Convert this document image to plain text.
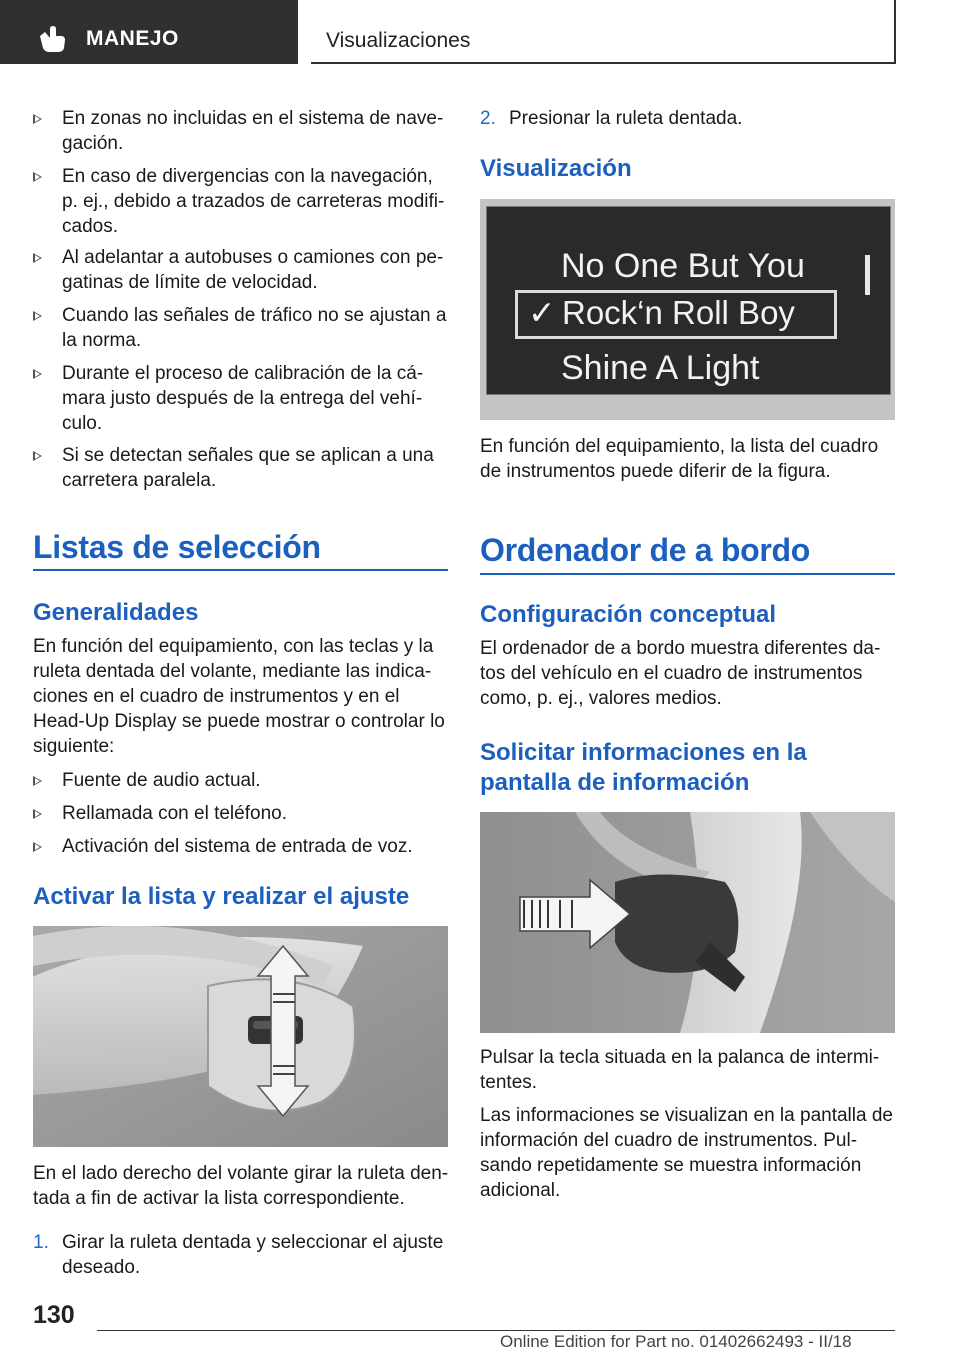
MANEJO	Visualizaciones
En zonas no incluidas en el sistema de nave-
gación.
En caso de divergencias con la navegación,
p. ej., debido a trazados de carreteras modifi-
cados.
Al adelantar a autobuses o camiones con pe-
gatinas de límite de velocidad.
Cuando las señales de tráfico no se ajustan a
la norma.
Durante el proceso de calibración de la cá-
mara justo después de la entrega del vehí-
culo.
Si se detectan señales que se aplican a una
carretera paralela.
Listas de selección
Generalidades

En función del equipamiento, con las teclas y la
ruleta dentada del volante, mediante las indica-
ciones en el cuadro de instrumentos y en el
Head-Up Display se puede mostrar o controlar lo
siguiente:

Fuente de audio actual.
Rellamada con el teléfono.
Activación del sistema de entrada de voz.
Activar la lista y realizar el ajuste

En el lado derecho del volante girar la ruleta den-
tada a fin de activar la lista correspondiente.

1. Girar la ruleta dentada y seleccionar el ajuste
deseado.
2. Presionar la ruleta dentada.
Visualización
No One But You
✓ Rock‘n Roll Boy
Shine A Light

En función del equipamiento, la lista del cuadro
de instrumentos puede diferir de la figura.

Ordenador de a bordo
Configuración conceptual

El ordenador de a bordo muestra diferentes da-
tos del vehículo en el cuadro de instrumentos
como, p. ej., valores medios.

Solicitar informaciones en la
pantalla de información

Pulsar la tecla situada en la palanca de intermi-
tentes.

Las informaciones se visualizan en la pantalla de
información del cuadro de instrumentos. Pul-
sando repetidamente se muestra información
adicional.

130
Online Edition for Part no. 01402662493 - II/18
